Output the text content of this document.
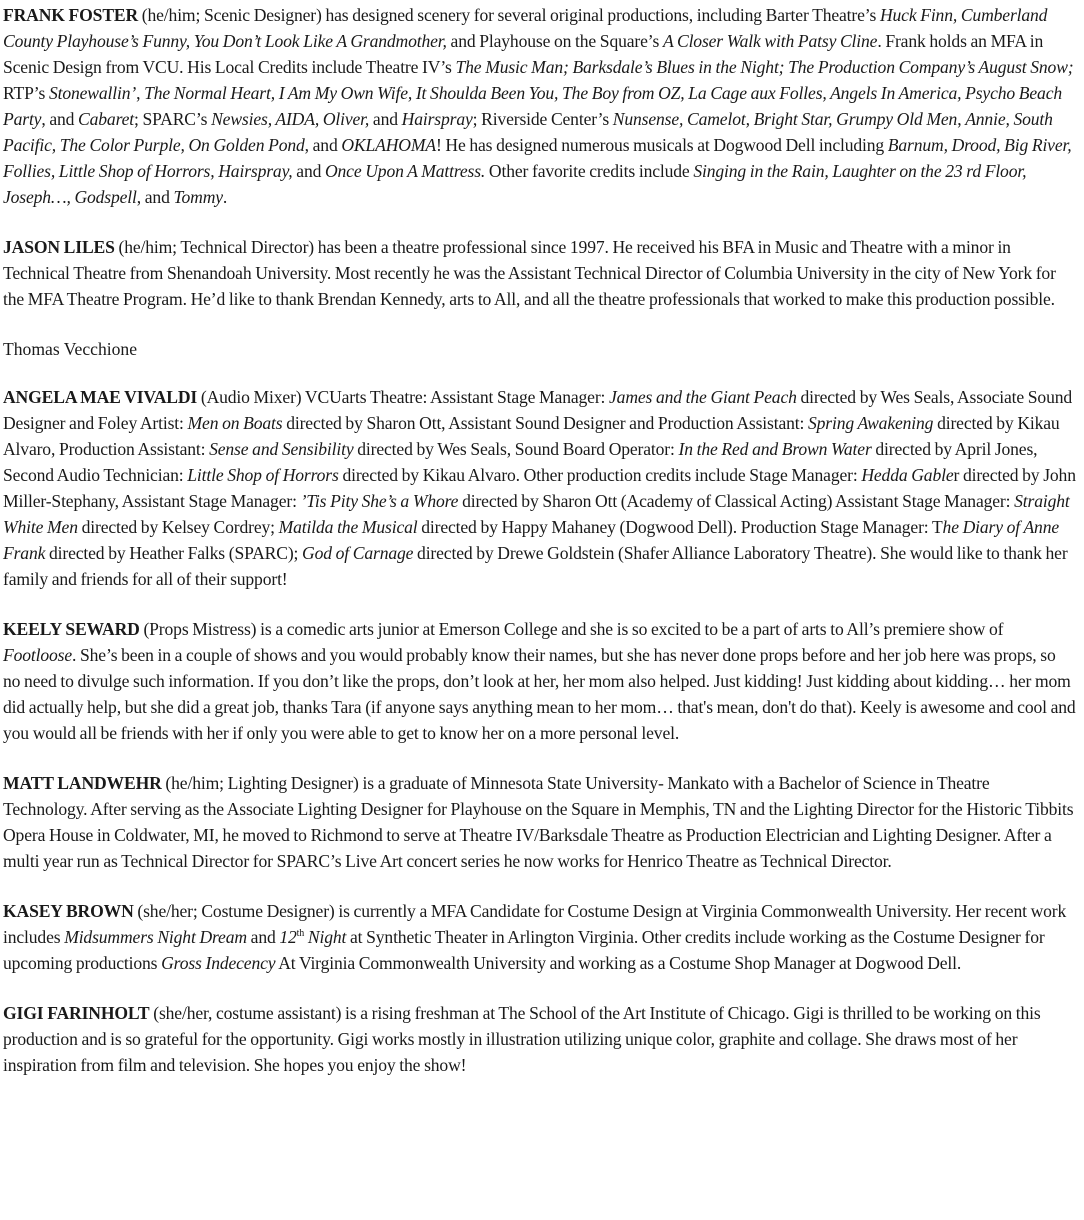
FRANK FOSTER (he/him; Scenic Designer) has designed scenery for several original productions, including Barter Theatre’s Huck Finn, Cumberland County Playhouse’s Funny, You Don’t Look Like A Grandmother, and Playhouse on the Square’s A Closer Walk with Patsy Cline. Frank holds an MFA in Scenic Design from VCU. His Local Credits include Theatre IV’s The Music Man; Barksdale’s Blues in the Night; The Production Company’s August Snow; RTP’s Stonewallin’, The Normal Heart, I Am My Own Wife, It Shoulda Been You, The Boy from OZ, La Cage aux Folles, Angels In America, Psycho Beach Party, and Cabaret; SPARC’s Newsies, AIDA, Oliver, and Hairspray; Riverside Center’s Nunsense, Camelot, Bright Star, Grumpy Old Men, Annie, South Pacific, The Color Purple, On Golden Pond, and OKLAHOMA! He has designed numerous musicals at Dogwood Dell including Barnum, Drood, Big River, Follies, Little Shop of Horrors, Hairspray, and Once Upon A Mattress. Other favorite credits include Singing in the Rain, Laughter on the 23 rd Floor, Joseph…, Godspell, and Tommy.

JASON LILES (he/him; Technical Director) has been a theatre professional since 1997. He received his BFA in Music and Theatre with a minor in Technical Theatre from Shenandoah University. Most recently he was the Assistant Technical Director of Columbia University in the city of New York for the MFA Theatre Program. He’d like to thank Brendan Kennedy, arts to All, and all the theatre professionals that worked to make this production possible.

Thomas Vecchione

ANGELA MAE VIVALDI (Audio Mixer) VCUarts Theatre: Assistant Stage Manager: James and the Giant Peach directed by Wes Seals, Associate Sound Designer and Foley Artist: Men on Boats directed by Sharon Ott, Assistant Sound Designer and Production Assistant: Spring Awakening directed by Kikau Alvaro, Production Assistant: Sense and Sensibility directed by Wes Seals, Sound Board Operator: In the Red and Brown Water directed by April Jones, Second Audio Technician: Little Shop of Horrors directed by Kikau Alvaro. Other production credits include Stage Manager: Hedda Gabler directed by John Miller-Stephany, Assistant Stage Manager: ’Tis Pity She’s a Whore directed by Sharon Ott (Academy of Classical Acting) Assistant Stage Manager: Straight White Men directed by Kelsey Cordrey; Matilda the Musical directed by Happy Mahaney (Dogwood Dell). Production Stage Manager: The Diary of Anne Frank directed by Heather Falks (SPARC); God of Carnage directed by Drewe Goldstein (Shafer Alliance Laboratory Theatre). She would like to thank her family and friends for all of their support!

KEELY SEWARD (Props Mistress) is a comedic arts junior at Emerson College and she is so excited to be a part of arts to All’s premiere show of Footloose. She’s been in a couple of shows and you would probably know their names, but she has never done props before and her job here was props, so no need to divulge such information. If you don’t like the props, don’t look at her, her mom also helped. Just kidding! Just kidding about kidding… her mom did actually help, but she did a great job, thanks Tara (if anyone says anything mean to her mom… that's mean, don't do that). Keely is awesome and cool and you would all be friends with her if only you were able to get to know her on a more personal level.

MATT LANDWEHR (he/him; Lighting Designer) is a graduate of Minnesota State University- Mankato with a Bachelor of Science in Theatre Technology. After serving as the Associate Lighting Designer for Playhouse on the Square in Memphis, TN and the Lighting Director for the Historic Tibbits Opera House in Coldwater, MI, he moved to Richmond to serve at Theatre IV/Barksdale Theatre as Production Electrician and Lighting Designer. After a multi year run as Technical Director for SPARC’s Live Art concert series he now works for Henrico Theatre as Technical Director.

KASEY BROWN (she/her; Costume Designer) is currently a MFA Candidate for Costume Design at Virginia Commonwealth University. Her recent work includes Midsummers Night Dream and 12th Night at Synthetic Theater in Arlington Virginia. Other credits include working as the Costume Designer for upcoming productions Gross Indecency At Virginia Commonwealth University and working as a Costume Shop Manager at Dogwood Dell.

GIGI FARINHOLT (she/her, costume assistant) is a rising freshman at The School of the Art Institute of Chicago. Gigi is thrilled to be working on this production and is so grateful for the opportunity. Gigi works mostly in illustration utilizing unique color, graphite and collage. She draws most of her inspiration from film and television. She hopes you enjoy the show!
